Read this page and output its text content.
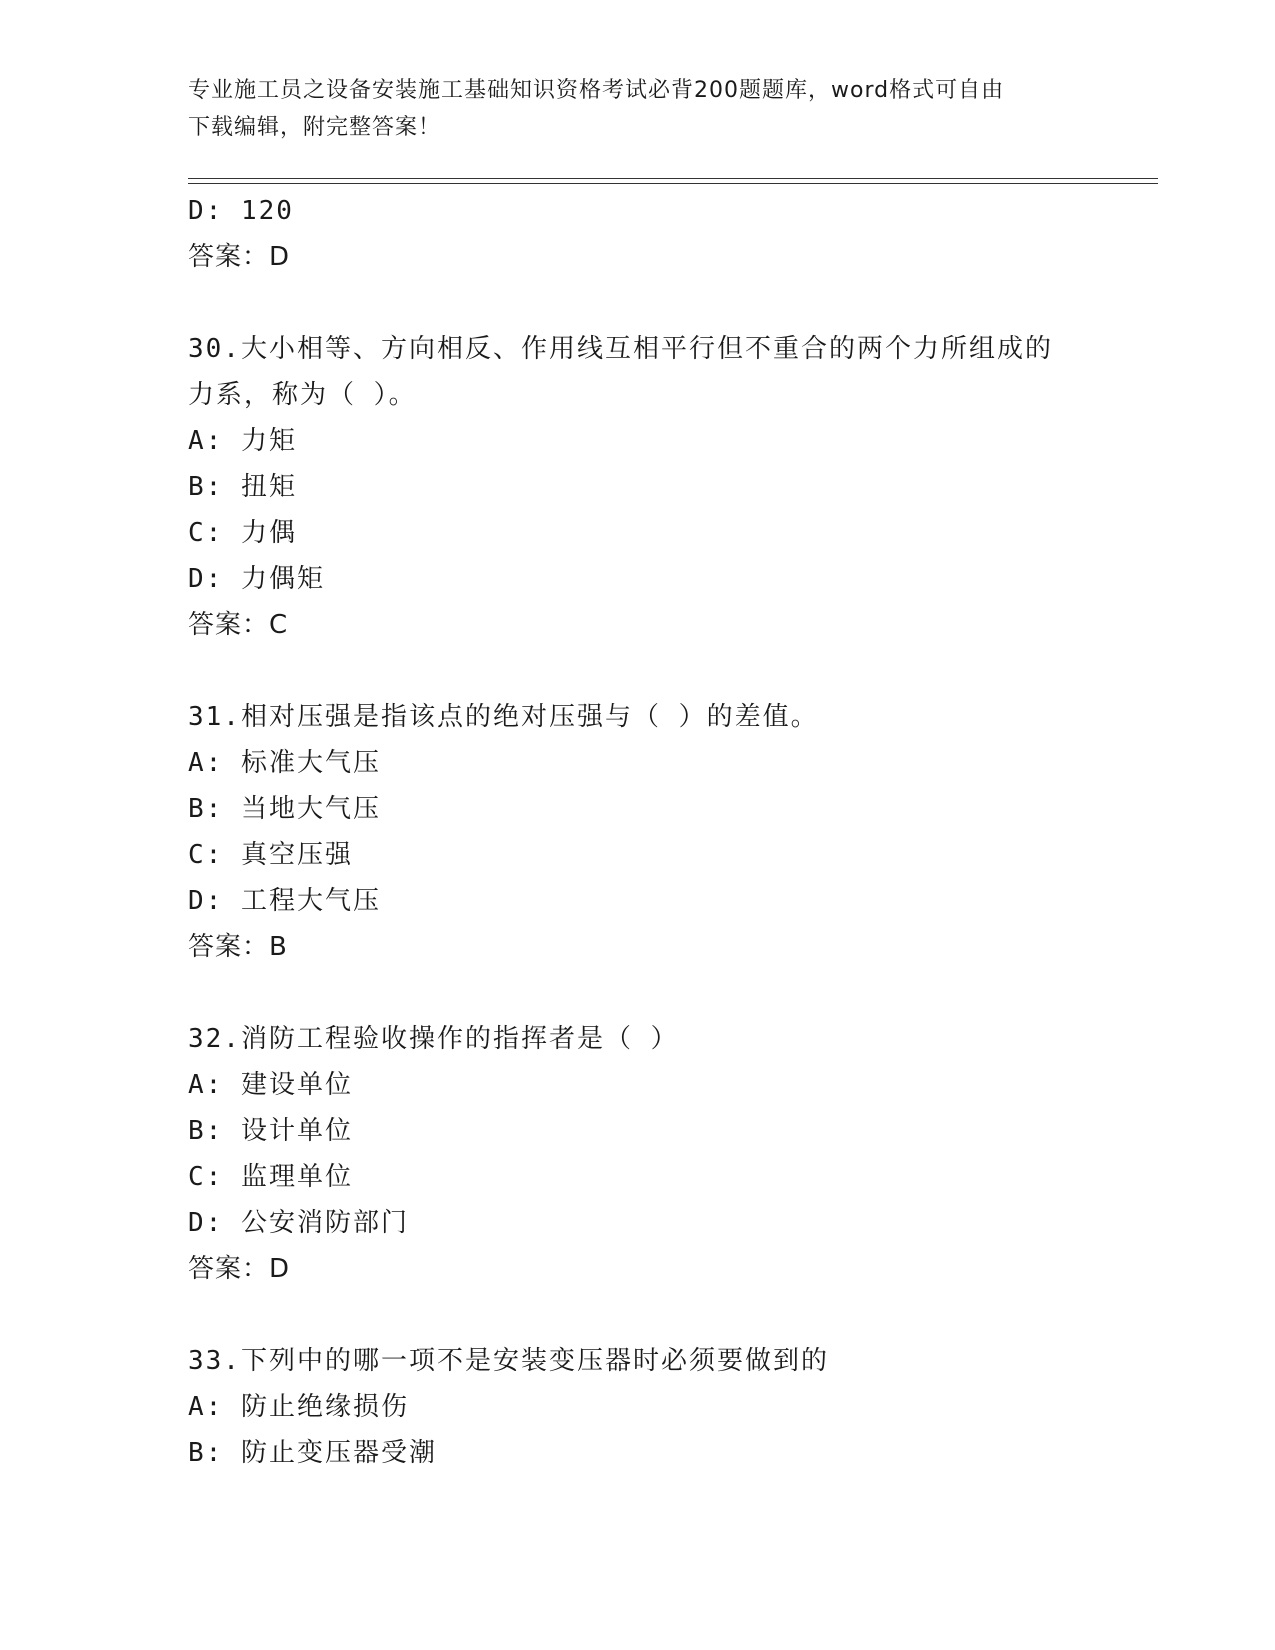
专业施工员之设备安装施工基础知识资格考试必背200题题库，word格式可自由
下载编辑，附完整答案！
D: 120
答案：D
30.大小相等、方向相反、作用线互相平行但不重合的两个力所组成的
力系，称为（ ）。
A: 力矩
B: 扭矩
C: 力偶
D: 力偶矩
答案：C
31.相对压强是指该点的绝对压强与（ ）的差值。
A: 标准大气压
B: 当地大气压
C: 真空压强
D: 工程大气压
答案：B
32.消防工程验收操作的指挥者是（ ）
A: 建设单位
B: 设计单位
C: 监理单位
D: 公安消防部门
答案：D
33.下列中的哪一项不是安装变压器时必须要做到的
A: 防止绝缘损伤
B: 防止变压器受潮
